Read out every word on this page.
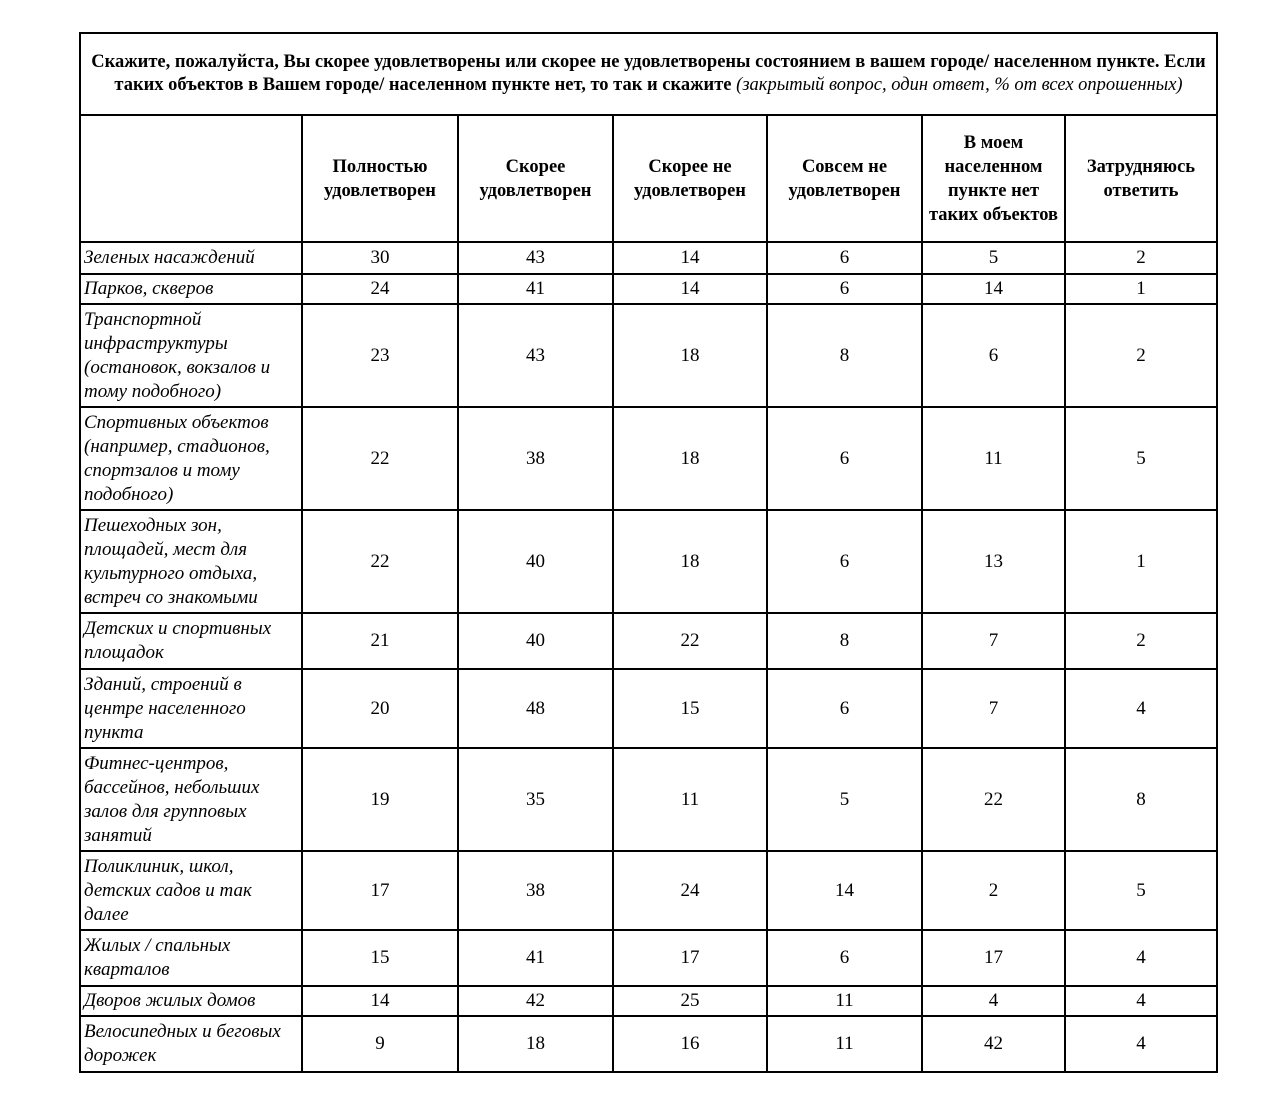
Скажите, пожалуйста, Вы скорее удовлетворены или скорее не удовлетворены состоянием в вашем городе/ населенном пункте. Если таких объектов в Вашем городе/ населенном пункте нет, то так и скажите (закрытый вопрос, один ответ, % от всех опрошенных)						
	Полностью удовлетворен	Скорее удовлетворен	Скорее не удовлетворен	Совсем не удовлетворен	В моем населенном пункте нет таких объектов	Затрудняюсь ответить
Зеленых насаждений	30	43	14	6	5	2
Парков, скверов	24	41	14	6	14	1
Транспортной инфраструктуры (остановок, вокзалов и тому подобного)	23	43	18	8	6	2
Спортивных объектов (например, стадионов, спортзалов и тому подобного)	22	38	18	6	11	5
Пешеходных зон, площадей, мест для культурного отдыха, встреч со знакомыми	22	40	18	6	13	1
Детских и спортивных площадок	21	40	22	8	7	2
Зданий, строений в центре населенного пункта	20	48	15	6	7	4
Фитнес-центров, бассейнов, небольших залов для групповых занятий	19	35	11	5	22	8
Поликлиник, школ, детских садов и так далее	17	38	24	14	2	5
Жилых / спальных кварталов	15	41	17	6	17	4
Дворов жилых домов	14	42	25	11	4	4
Велосипедных и беговых дорожек	9	18	16	11	42	4
